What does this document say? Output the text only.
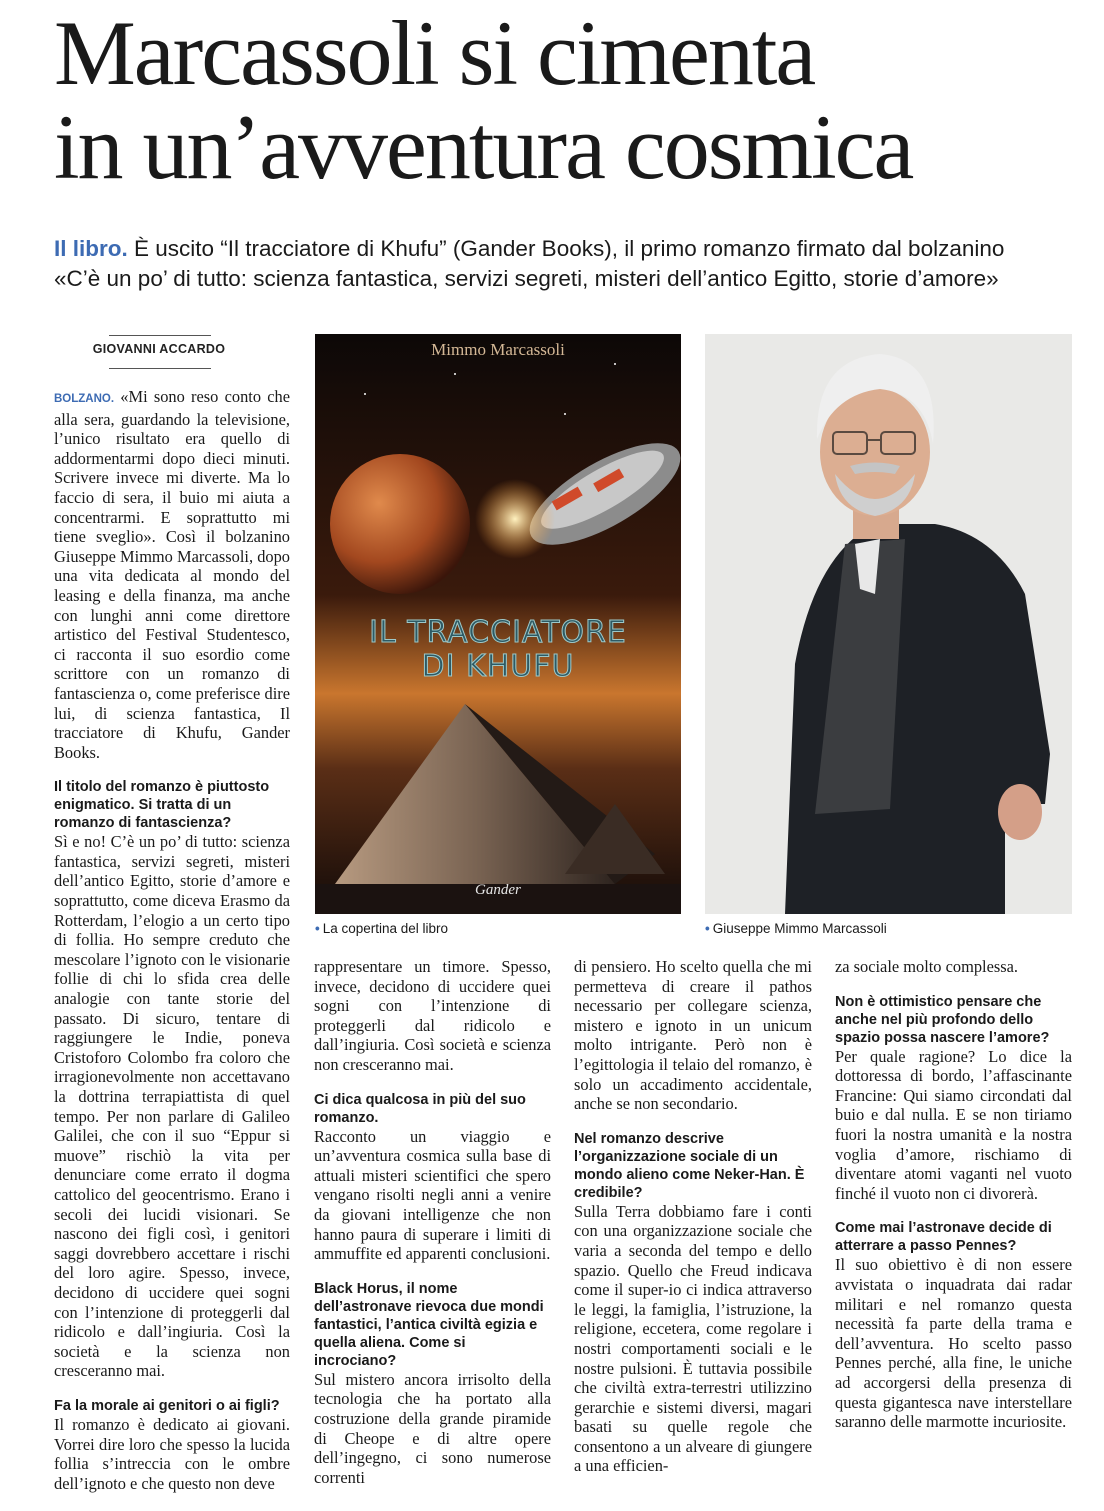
Marcassoli si cimenta
in un’avventura cosmica
Il libro. È uscito “Il tracciatore di Khufu” (Gander Books), il primo romanzo firmato dal bolzanino
«C’è un po’ di tutto: scienza fantastica, servizi segreti, misteri dell’antico Egitto, storie d’amore»
GIOVANNI ACCARDO

BOLZANO. «Mi sono reso conto che alla sera, guardando la televisione, l’unico risultato era quello di addormentarmi dopo dieci minuti. Scrivere invece mi diverte. Ma lo faccio di sera, il buio mi aiuta a concentrarmi. E soprattutto mi tiene sveglio». Così il bolzanino Giuseppe Mimmo Marcassoli, dopo una vita dedicata al mondo del leasing e della finanza, ma anche con lunghi anni come direttore artistico del Festival Studentesco, ci racconta il suo esordio come scrittore con un romanzo di fantascienza o, come preferisce dire lui, di scienza fantastica, Il tracciatore di Khufu, Gander Books.

Il titolo del romanzo è piuttosto enigmatico. Si tratta di un romanzo di fantascienza?

Sì e no! C’è un po’ di tutto: scienza fantastica, servizi segreti, misteri dell’antico Egitto, storie d’amore e soprattutto, come diceva Erasmo da Rotterdam, l’elogio a un certo tipo di follia. Ho sempre creduto che mescolare l’ignoto con le visionarie follie di chi lo sfida crea delle analogie con tante storie del passato. Di sicuro, tentare di raggiungere le Indie, poneva Cristoforo Colombo fra coloro che irragionevolmente non accettavano la dottrina terrapiattista di quel tempo. Per non parlare di Galileo Galilei, che con il suo “Eppur si muove” rischiò la vita per denunciare come errato il dogma cattolico del geocentrismo. Erano i secoli dei lucidi visionari. Se nascono dei figli così, i genitori saggi dovrebbero accettare i rischi del loro agire. Spesso, invece, decidono di uccidere quei sogni con l’intenzione di proteggerli dal ridicolo e dall’ingiuria. Così la società e la scienza non cresceranno mai.

Fa la morale ai genitori o ai figli?

Il romanzo è dedicato ai giovani. Vorrei dire loro che spesso la lucida follia s’intreccia con le ombre dell’ignoto e che questo non deve

Mimmo Marcassoli
IL TRACCIATORE
DI KHUFU
Gander
• La copertina del libro	• Giuseppe Mimmo Marcassoli

rappresentare un timore. Spesso, invece, decidono di uccidere quei sogni con l’intenzione di proteggerli dal ridicolo e dall’ingiuria. Così società e scienza non cresceranno mai.

Ci dica qualcosa in più del suo romanzo.

Racconto un viaggio e un’avventura cosmica sulla base di attuali misteri scientifici che spero vengano risolti negli anni a venire da giovani intelligenze che non hanno paura di superare i limiti di ammuffite ed apparenti conclusioni.

Black Horus, il nome dell’astronave rievoca due mondi fantastici, l’antica civiltà egizia e quella aliena. Come si incrociano?

Sul mistero ancora irrisolto della tecnologia che ha portato alla costruzione della grande piramide di Cheope e di altre opere dell’ingegno, ci sono numerose correnti

di pensiero. Ho scelto quella che mi permetteva di creare il pathos necessario per collegare scienza, mistero e ignoto in un unicum molto intrigante. Però non è l’egittologia il telaio del romanzo, è solo un accadimento accidentale, anche se non secondario.

Nel romanzo descrive l’organizzazione sociale di un mondo alieno come Neker-Han. È credibile?

Sulla Terra dobbiamo fare i conti con una organizzazione sociale che varia a seconda del tempo e dello spazio. Quello che Freud indicava come il super-io ci indica attraverso le leggi, la famiglia, l’istruzione, la religione, eccetera, come regolare i nostri comportamenti sociali e le nostre pulsioni. È tuttavia possibile che civiltà extra-terrestri utilizzino gerarchie e sistemi diversi, magari basati su quelle regole che consentono a un alveare di giungere a una efficien-

za sociale molto complessa.

Non è ottimistico pensare che anche nel più profondo dello spazio possa nascere l’amore?

Per quale ragione? Lo dice la dottoressa di bordo, l’affascinante Francine: Qui siamo circondati dal buio e dal nulla. E se non tiriamo fuori la nostra umanità e la nostra voglia d’amore, rischiamo di diventare atomi vaganti nel vuoto finché il vuoto non ci divorerà.

Come mai l’astronave decide di atterrare a passo Pennes?

Il suo obiettivo è di non essere avvistata o inquadrata dai radar militari e nel romanzo questa necessità fa parte della trama e dell’avventura. Ho scelto passo Pennes perché, alla fine, le uniche ad accorgersi della presenza di questa gigantesca nave interstellare saranno delle marmotte incuriosite.
